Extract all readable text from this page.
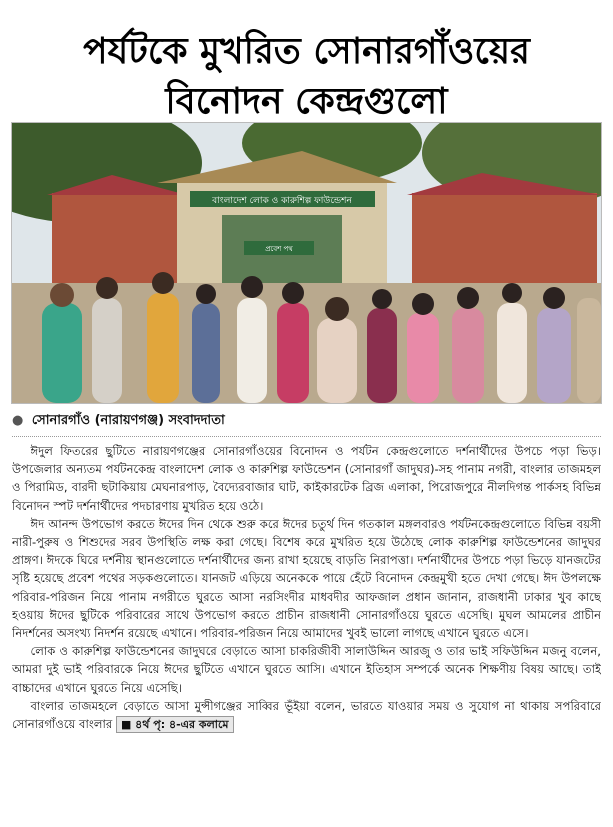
পর্যটকে মুখরিত সোনারগাঁওয়ের
বিনোদন কেন্দ্রগুলো
বাংলাদেশ লোক ও কারুশিল্প ফাউন্ডেশন
প্রবেশ পথ
● সোনারগাঁও (নারায়ণগঞ্জ) সংবাদদাতা

ঈদুল ফিতরের ছুটিতে নারায়ণগঞ্জের সোনারগাঁওয়ের বিনোদন ও পর্যটন কেন্দ্রগুলোতে দর্শনার্থীদের উপচে পড়া ভিড়। উপজেলার অন্যতম পর্যটনকেন্দ্র বাংলাদেশ লোক ও কারুশিল্প ফাউন্ডেশন (সোনারগাঁ জাদুঘর)-সহ পানাম নগরী, বাংলার তাজমহল ও পিরামিড, বারদী ছটাকিয়ায় মেঘনারপাড়, বৈদ্যেরবাজার ঘাট, কাইকারটেক ব্রিজ এলাকা, পিরোজপুরে নীলদিগন্ত পার্কসহ বিভিন্ন বিনোদন স্পট দর্শনার্থীদের পদচারণায় মুখরিত হয়ে ওঠে।

ঈদ আনন্দ উপভোগ করতে ঈদের দিন থেকে শুরু করে ঈদের চতুর্থ দিন গতকাল মঙ্গলবারও পর্যটনকেন্দ্রগুলোতে বিভিন্ন বয়সী নারী-পুরুষ ও শিশুদের সরব উপস্থিতি লক্ষ করা গেছে। বিশেষ করে মুখরিত হয়ে উঠেছে লোক কারুশিল্প ফাউন্ডেশনের জাদুঘর প্রাঙ্গণ। ঈদকে ঘিরে দর্শনীয় স্থানগুলোতে দর্শনার্থীদের জন্য রাখা হয়েছে বাড়তি নিরাপত্তা। দর্শনার্থীদের উপচে পড়া ভিড়ে যানজটের সৃষ্টি হয়েছে প্রবেশ পথের সড়কগুলোতে। যানজট এড়িয়ে অনেককে পায়ে হেঁটে বিনোদন কেন্দ্রমুখী হতে দেখা গেছে। ঈদ উপলক্ষে পরিবার-পরিজন নিয়ে পানাম নগরীতে ঘুরতে আসা নরসিংদীর মাধবদীর আফজাল প্রধান জানান, রাজধানী ঢাকার খুব কাছে হওয়ায় ঈদের ছুটিকে পরিবারের সাথে উপভোগ করতে প্রাচীন রাজধানী সোনারগাঁওয়ে ঘুরতে এসেছি। মুঘল আমলের প্রাচীন নিদর্শনের অসংখ্য নিদর্শন রয়েছে এখানে। পরিবার-পরিজন নিয়ে আমাদের খুবই ভালো লাগছে এখানে ঘুরতে এসে।

লোক ও কারুশিল্প ফাউন্ডেশনের জাদুঘরে বেড়াতে আসা চাকরিজীবী সালাউদ্দিন আরজু ও তার ভাই সফিউদ্দিন মজনু বলেন, আমরা দুই ভাই পরিবারকে নিয়ে ঈদের ছুটিতে এখানে ঘুরতে আসি। এখানে ইতিহাস সম্পর্কে অনেক শিক্ষণীয় বিষয় আছে। তাই বাচ্চাদের এখানে ঘুরতে নিয়ে এসেছি।

বাংলার তাজমহলে বেড়াতে আসা মুন্সীগঞ্জের সাব্বির ভূঁইয়া বলেন, ভারতে যাওয়ার সময় ও সুযোগ না থাকায় সপরিবারে সোনারগাঁওয়ে বাংলার ■ ৪র্থ পৃ: ৪-এর কলামে
